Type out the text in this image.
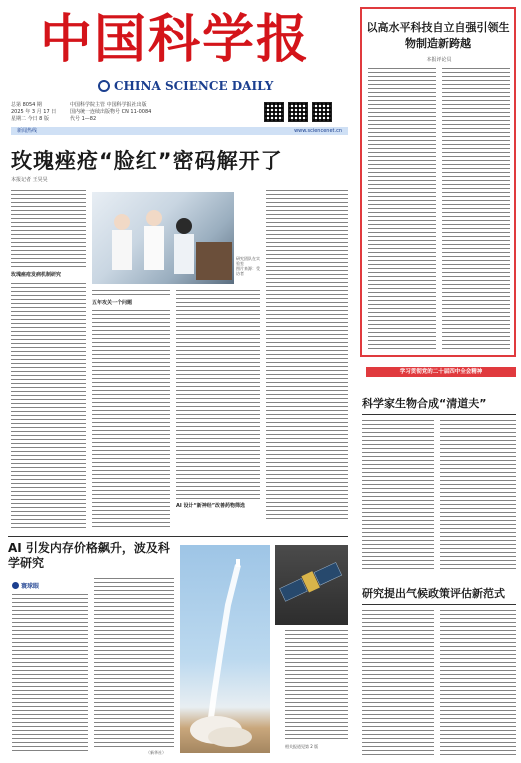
中国科学报
CHINA SCIENCE DAILY
总第 8054 期
2025 年 3 月 17 日
星期二 今日 8 版
中国科学院主管 中国科学报社出版
国内统一连续出版物号 CN 11-0084
代号 1—82
新闻热线	www.sciencenet.cn
玫瑰痤疮“脸红”密码解开了
本报记者 王昊昊
玫瑰痤疮发病机制研究
研究团队在实验室
图片来源：受访者
五年攻关一个问题
AI 设计“新神经”改善药物筛选
以高水平科技自立自强引领生物制造新跨越
本报评论员
学习贯彻党的二十届四中全会精神
科学家生物合成“清道夫”
研究提出气候政策评估新范式
AI 引发内存价格飙升，波及科学研究
寰球眼
（新华社）
相关报道见第 2 版
